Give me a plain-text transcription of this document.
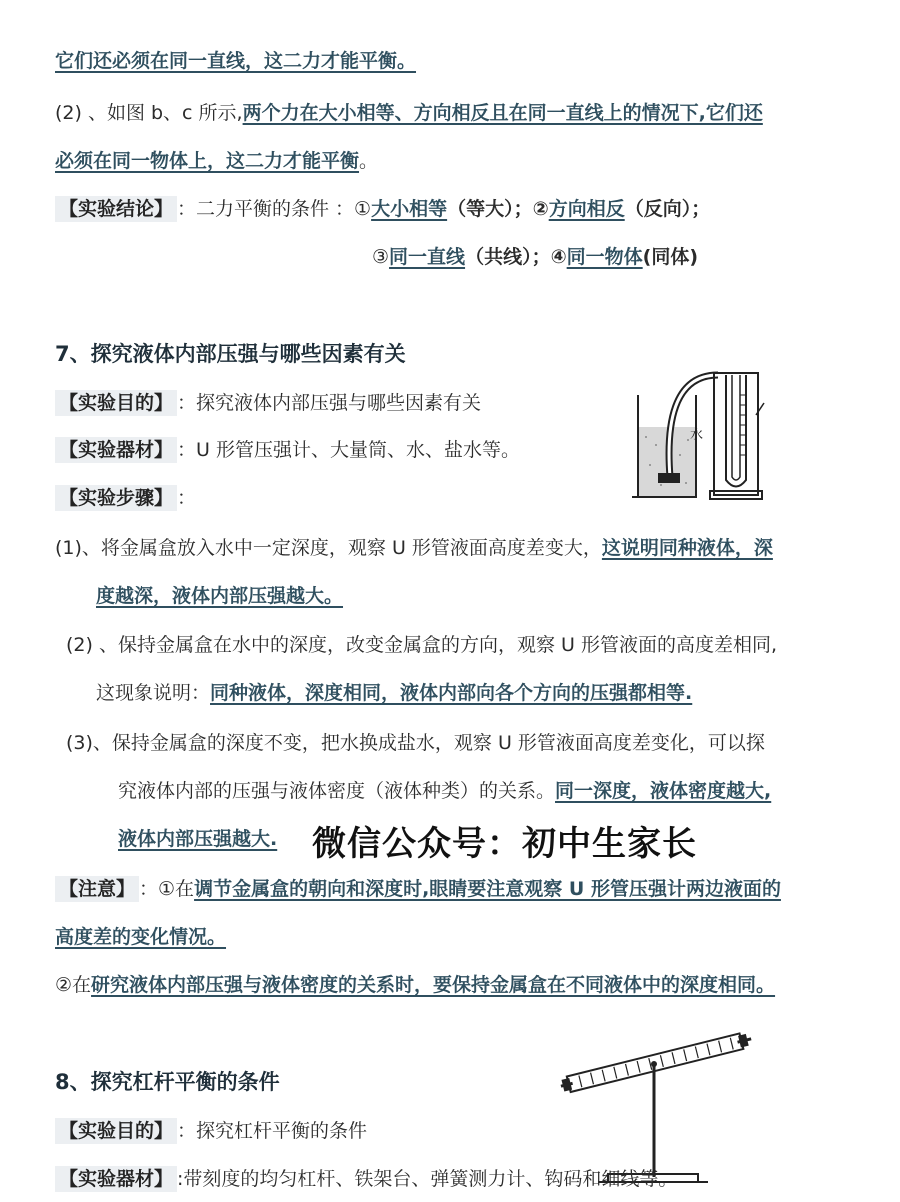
它们还必须在同一直线，这二力才能平衡。
(2) 、如图 b、c 所示,两个力在大小相等、方向相反且在同一直线上的情况下,它们还
必须在同一物体上，这二力才能平衡。
【实验结论】 ：二力平衡的条件 ：①大小相等（等大）；②方向相反（反向）；
③同一直线（共线）；④同一物体(同体)
7、探究液体内部压强与哪些因素有关
【实验目的】 ：探究液体内部压强与哪些因素有关
【实验器材】 ：U 形管压强计、大量筒、水、盐水等。
【实验步骤】 ：
水
(1)、将金属盒放入水中一定深度，观察 U 形管液面高度差变大，这说明同种液体，深
度越深，液体内部压强越大。
(2) 、保持金属盒在水中的深度，改变金属盒的方向，观察 U 形管液面的高度差相同,
这现象说明：同种液体，深度相同，液体内部向各个方向的压强都相等.
(3)、保持金属盒的深度不变，把水换成盐水，观察 U 形管液面高度差变化，可以探
究液体内部的压强与液体密度（液体种类）的关系。同一深度，液体密度越大,
液体内部压强越大. 微信公众号：初中生家长
【注意】 ：①在调节金属盒的朝向和深度时,眼睛要注意观察 U 形管压强计两边液面的
高度差的变化情况。
②在研究液体内部压强与液体密度的关系时，要保持金属盒在不同液体中的深度相同。
8、探究杠杆平衡的条件
【实验目的】 ：探究杠杆平衡的条件
【实验器材】 :带刻度的均匀杠杆、铁架台、弹簧测力计、钩码和细线等。
